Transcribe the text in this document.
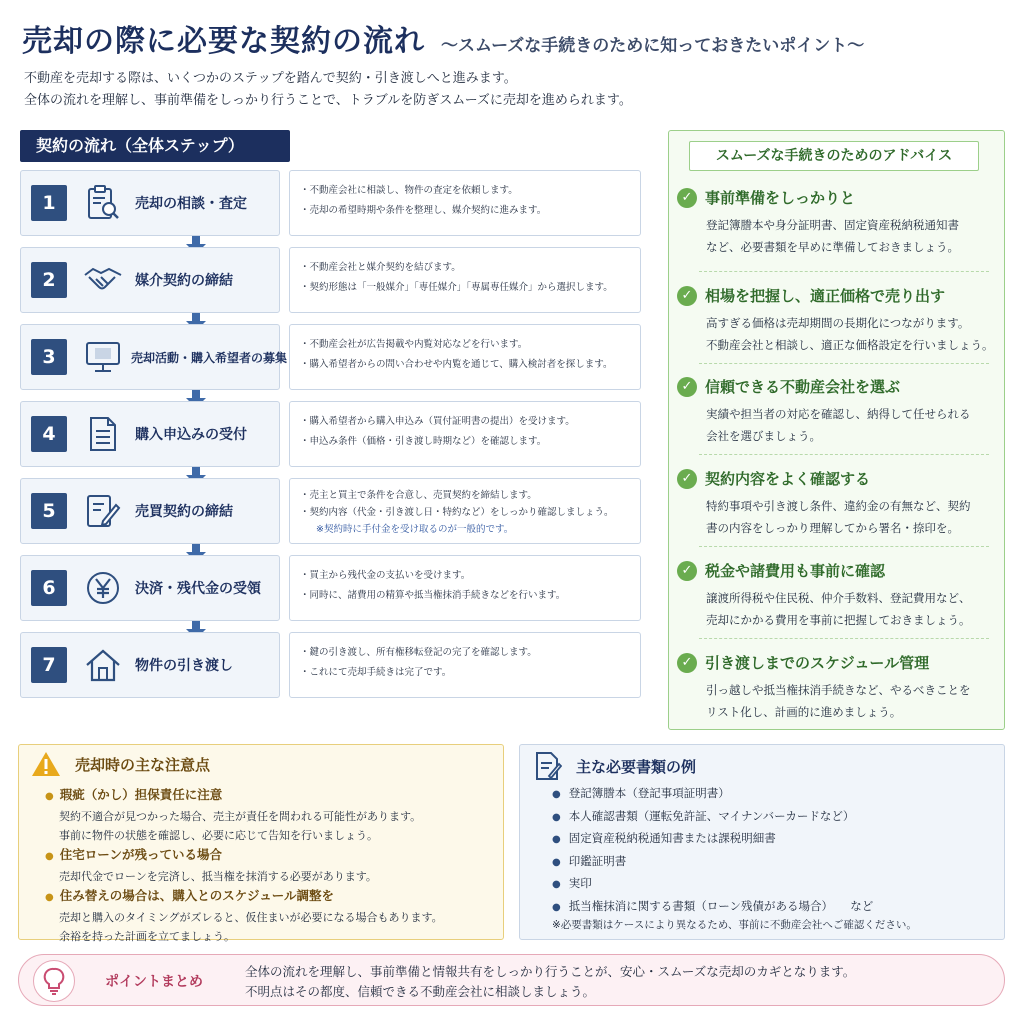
売却の際に必要な契約の流れ ～スムーズな手続きのために知っておきたいポイント～
不動産を売却する際は、いくつかのステップを踏んで契約・引き渡しへと進みます。
全体の流れを理解し、事前準備をしっかり行うことで、トラブルを防ぎスムーズに売却を進められます。
契約の流れ（全体ステップ）
1	売却の相談・査定
・不動産会社に相談し、物件の査定を依頼します。
・売却の希望時期や条件を整理し、媒介契約に進みます。
2	媒介契約の締結
・不動産会社と媒介契約を結びます。
・契約形態は「一般媒介」「専任媒介」「専属専任媒介」から選択します。
3	売却活動・購入希望者の募集
・不動産会社が広告掲載や内覧対応などを行います。
・購入希望者からの問い合わせや内覧を通じて、購入検討者を探します。
4	購入申込みの受付
・購入希望者から購入申込み（買付証明書の提出）を受けます。
・申込み条件（価格・引き渡し時期など）を確認します。
5	売買契約の締結
・売主と買主で条件を合意し、売買契約を締結します。
・契約内容（代金・引き渡し日・特約など）をしっかり確認しましょう。
※契約時に手付金を受け取るのが一般的です。
6	決済・残代金の受領
・買主から残代金の支払いを受けます。
・同時に、諸費用の精算や抵当権抹消手続きなどを行います。
7	物件の引き渡し
・鍵の引き渡し、所有権移転登記の完了を確認します。
・これにて売却手続きは完了です。
スムーズな手続きのためのアドバイス
✓ 事前準備をしっかりと
登記簿謄本や身分証明書、固定資産税納税通知書
など、必要書類を早めに準備しておきましょう。
✓ 相場を把握し、適正価格で売り出す
高すぎる価格は売却期間の長期化につながります。
不動産会社と相談し、適正な価格設定を行いましょう。
✓ 信頼できる不動産会社を選ぶ
実績や担当者の対応を確認し、納得して任せられる
会社を選びましょう。
✓ 契約内容をよく確認する
特約事項や引き渡し条件、違約金の有無など、契約
書の内容をしっかり理解してから署名・捺印を。
✓ 税金や諸費用も事前に確認
譲渡所得税や住民税、仲介手数料、登記費用など、
売却にかかる費用を事前に把握しておきましょう。
✓ 引き渡しまでのスケジュール管理
引っ越しや抵当権抹消手続きなど、やるべきことを
リスト化し、計画的に進めましょう。
売却時の主な注意点
● 瑕疵（かし）担保責任に注意
契約不適合が見つかった場合、売主が責任を問われる可能性があります。
事前に物件の状態を確認し、必要に応じて告知を行いましょう。
● 住宅ローンが残っている場合
売却代金でローンを完済し、抵当権を抹消する必要があります。
● 住み替えの場合は、購入とのスケジュール調整を
売却と購入のタイミングがズレると、仮住まいが必要になる場合もあります。
余裕を持った計画を立てましょう。
主な必要書類の例
● 登記簿謄本（登記事項証明書）
● 本人確認書類（運転免許証、マイナンバーカードなど）
● 固定資産税納税通知書または課税明細書
● 印鑑証明書
● 実印
● 抵当権抹消に関する書類（ローン残債がある場合）　　など
※必要書類はケースにより異なるため、事前に不動産会社へご確認ください。
ポイントまとめ
全体の流れを理解し、事前準備と情報共有をしっかり行うことが、安心・スムーズな売却のカギとなります。
不明点はその都度、信頼できる不動産会社に相談しましょう。
